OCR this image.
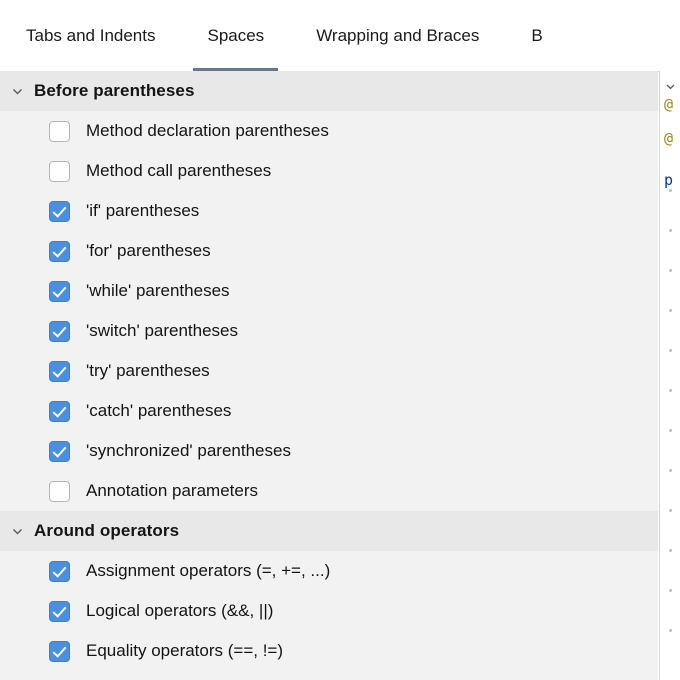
Tabs and Indents	Spaces	Wrapping and Braces	B
Before parentheses
Method declaration parentheses
Method call parentheses
'if' parentheses
'for' parentheses
'while' parentheses
'switch' parentheses
'try' parentheses
'catch' parentheses
'synchronized' parentheses
Annotation parameters
Around operators
Assignment operators (=, +=, ...)
Logical operators (&&, ||)
Equality operators (==, !=)
@
@
p
